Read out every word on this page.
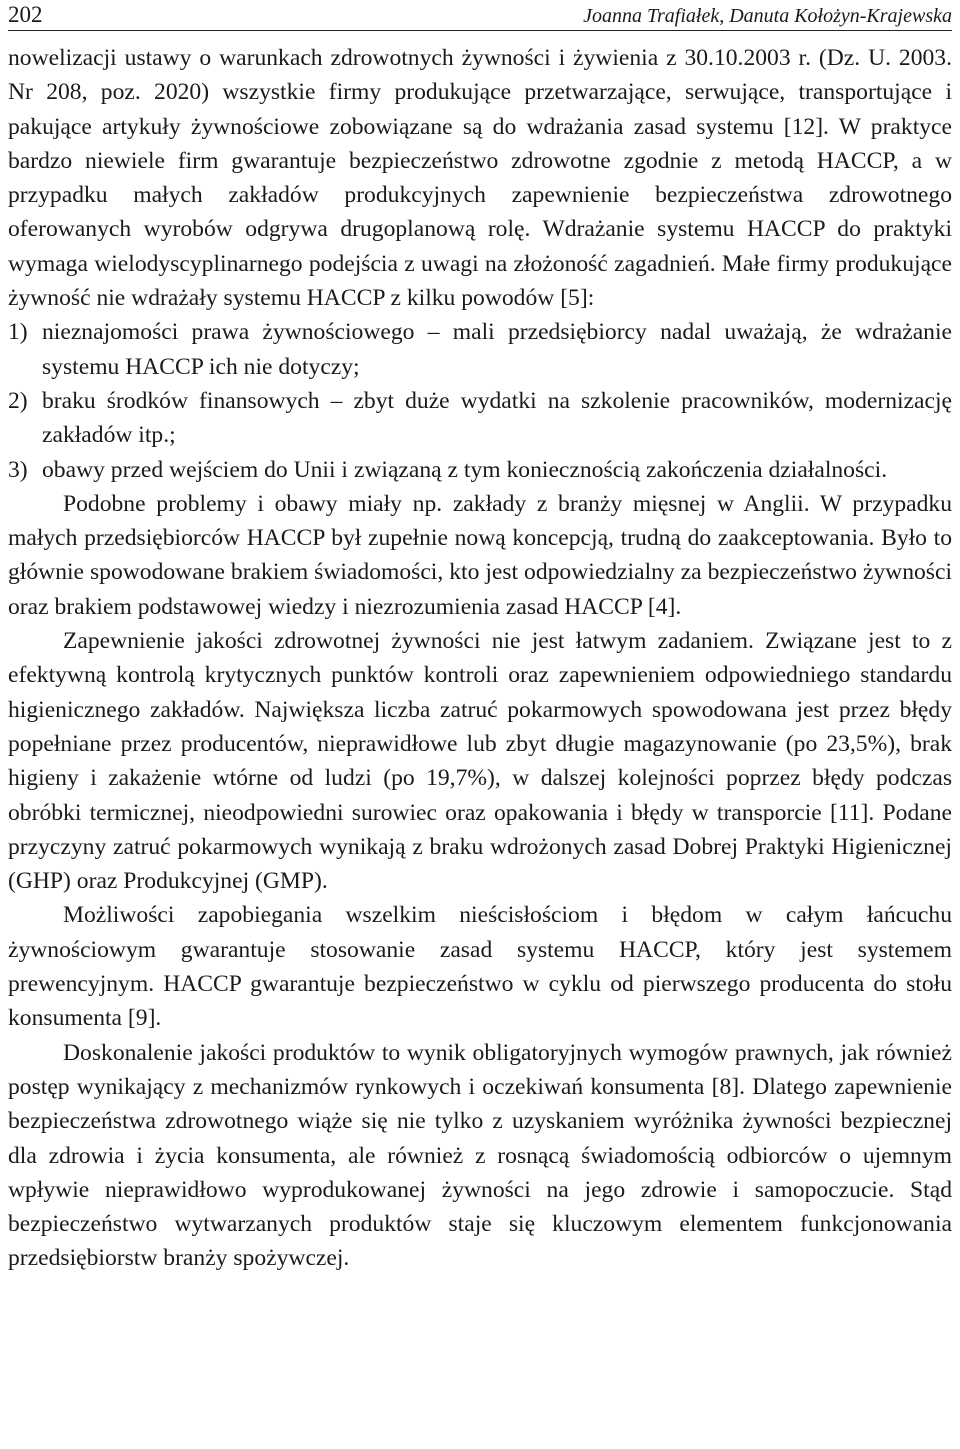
202	Joanna Trafiałek, Danuta Kołożyn-Krajewska

nowelizacji ustawy o warunkach zdrowotnych żywności i żywienia z 30.10.2003 r. (Dz. U. 2003. Nr 208, poz. 2020) wszystkie firmy produkujące przetwarzające, serwujące, transportujące i pakujące artykuły żywnościowe zobowiązane są do wdrażania zasad systemu [12]. W praktyce bardzo niewiele firm gwarantuje bezpieczeństwo zdrowotne zgodnie z metodą HACCP, a w przypadku małych zakładów produkcyjnych zapewnienie bezpieczeństwa zdrowotnego oferowanych wyrobów odgrywa drugoplanową rolę. Wdrażanie systemu HACCP do praktyki wymaga wielodyscyplinarnego podejścia z uwagi na złożoność zagadnień. Małe firmy produkujące żywność nie wdrażały systemu HACCP z kilku powodów [5]:

1) nieznajomości prawa żywnościowego – mali przedsiębiorcy nadal uważają, że wdrażanie systemu HACCP ich nie dotyczy;
2) braku środków finansowych – zbyt duże wydatki na szkolenie pracowników, modernizację zakładów itp.;
3) obawy przed wejściem do Unii i związaną z tym koniecznością zakończenia działalności.

Podobne problemy i obawy miały np. zakłady z branży mięsnej w Anglii. W przypadku małych przedsiębiorców HACCP był zupełnie nową koncepcją, trudną do zaakceptowania. Było to głównie spowodowane brakiem świadomości, kto jest odpowiedzialny za bezpieczeństwo żywności oraz brakiem podstawowej wiedzy i niezrozumienia zasad HACCP [4].

Zapewnienie jakości zdrowotnej żywności nie jest łatwym zadaniem. Związane jest to z efektywną kontrolą krytycznych punktów kontroli oraz zapewnieniem odpowiedniego standardu higienicznego zakładów. Największa liczba zatruć pokarmowych spowodowana jest przez błędy popełniane przez producentów, nieprawidłowe lub zbyt długie magazynowanie (po 23,5%), brak higieny i zakażenie wtórne od ludzi (po 19,7%), w dalszej kolejności poprzez błędy podczas obróbki termicznej, nieodpowiedni surowiec oraz opakowania i błędy w transporcie [11]. Podane przyczyny zatruć pokarmowych wynikają z braku wdrożonych zasad Dobrej Praktyki Higienicznej (GHP) oraz Produkcyjnej (GMP).

Możliwości zapobiegania wszelkim nieścisłościom i błędom w całym łańcuchu żywnościowym gwarantuje stosowanie zasad systemu HACCP, który jest systemem prewencyjnym. HACCP gwarantuje bezpieczeństwo w cyklu od pierwszego producenta do stołu konsumenta [9].

Doskonalenie jakości produktów to wynik obligatoryjnych wymogów prawnych, jak również postęp wynikający z mechanizmów rynkowych i oczekiwań konsumenta [8]. Dlatego zapewnienie bezpieczeństwa zdrowotnego wiąże się nie tylko z uzyskaniem wyróżnika żywności bezpiecznej dla zdrowia i życia konsumenta, ale również z rosnącą świadomością odbiorców o ujemnym wpływie nieprawidłowo wyprodukowanej żywności na jego zdrowie i samopoczucie. Stąd bezpieczeństwo wytwarzanych produktów staje się kluczowym elementem funkcjonowania przedsiębiorstw branży spożywczej.
